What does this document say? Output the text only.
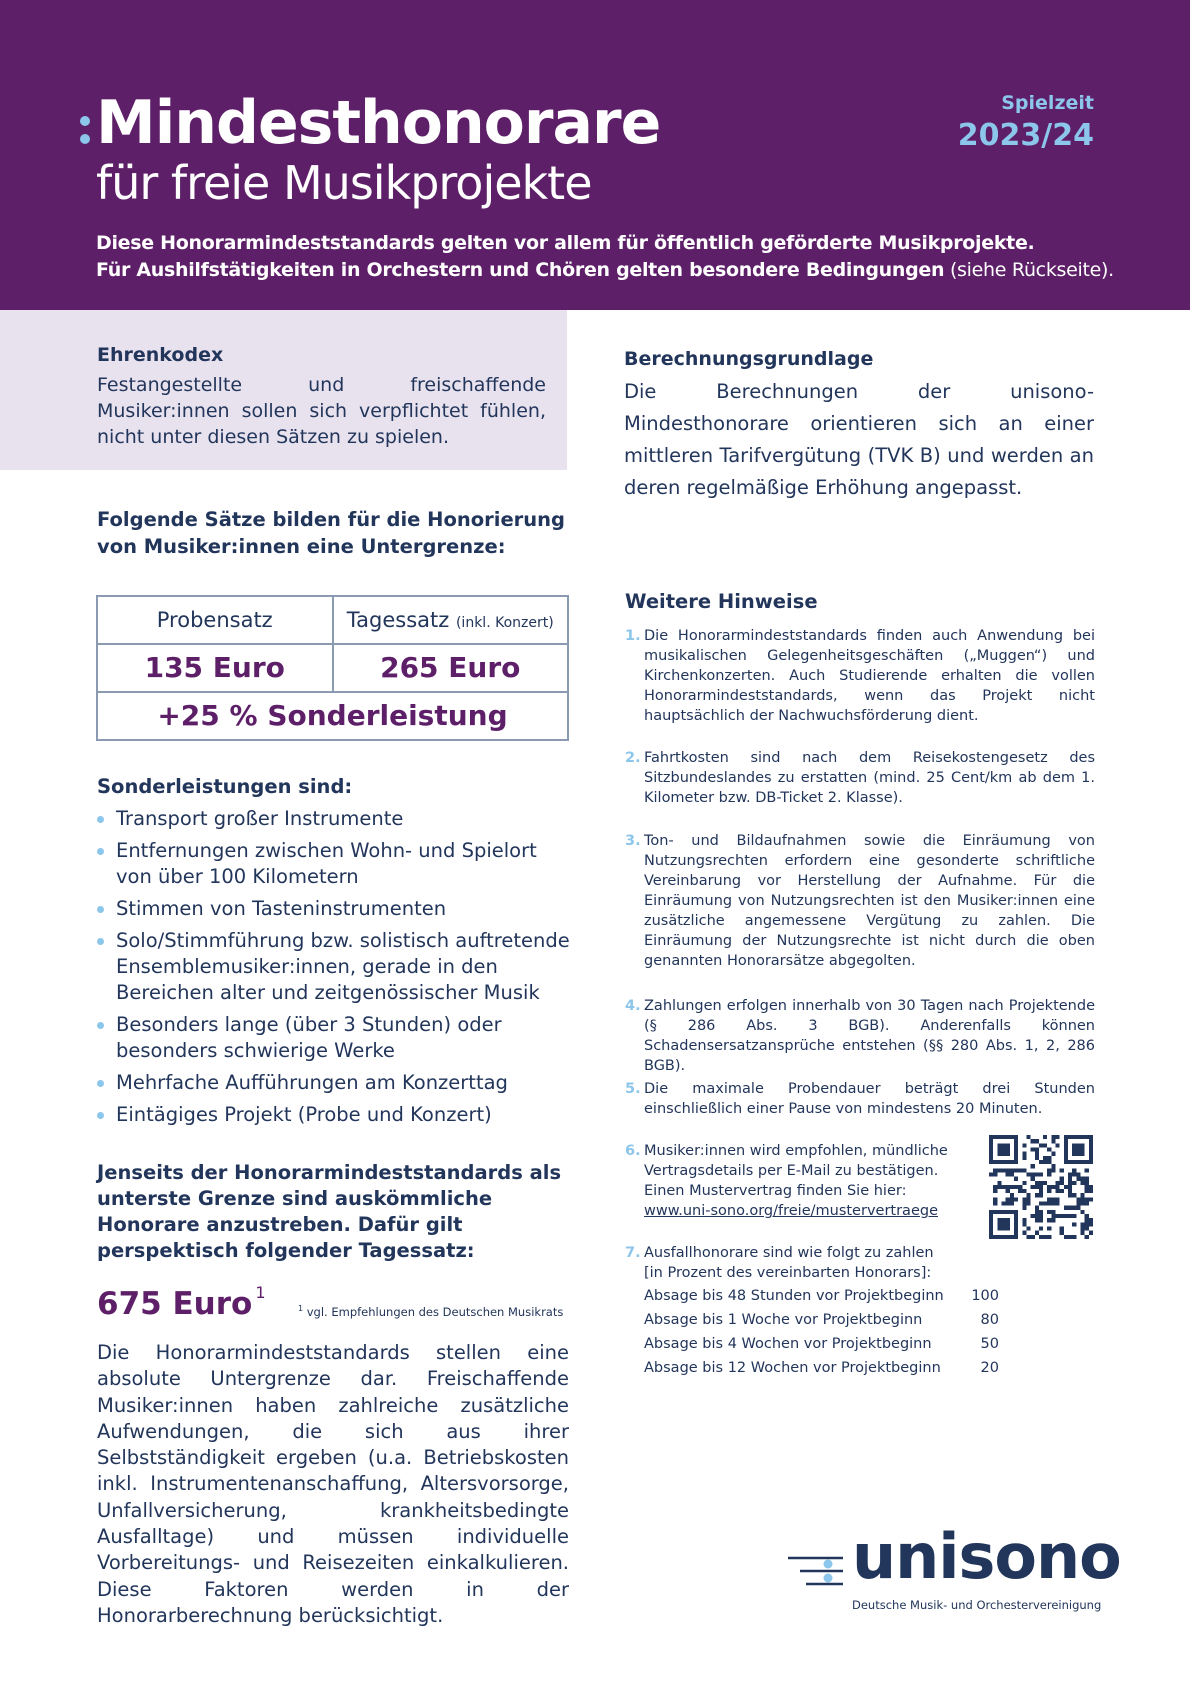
Mindesthonorare
für freie Musikprojekte
Spielzeit
2023/24
Diese Honorarmindeststandards gelten vor allem für öffentlich geförderte Musikprojekte.
Für Aushilfstätigkeiten in Orchestern und Chören gelten besondere Bedingungen (siehe Rückseite).
Ehrenkodex
Festangestellte und freischaffende Musiker:innen sollen sich verpflichtet fühlen, nicht unter diesen Sätzen zu spielen.
Folgende Sätze bilden für die Honorierung von Musiker:innen eine Untergrenze:
Probensatz	Tagessatz (inkl. Konzert)
135 Euro	265 Euro
+25 % Sonderleistung
Sonderleistungen sind:
Transport großer Instrumente
Entfernungen zwischen Wohn- und Spielort von über 100 Kilometern
Stimmen von Tasteninstrumenten
Solo/Stimmführung bzw. solistisch auftretende Ensemblemusiker:innen, gerade in den Bereichen alter und zeitgenössischer Musik
Besonders lange (über 3 Stunden) oder besonders schwierige Werke
Mehrfache Aufführungen am Konzerttag
Eintägiges Projekt (Probe und Konzert)
Jenseits der Honorarmindeststandards als unterste Grenze sind auskömmliche Honorare anzustreben. Dafür gilt perspektisch folgender Tagessatz:
675 Euro $^1$
$^1$ vgl. Empfehlungen des Deutschen Musikrats
Die Honorarmindeststandards stellen eine absolute Untergrenze dar. Freischaffende Musiker:innen haben zahlreiche zusätzliche Aufwendungen, die sich aus ihrer Selbstständigkeit ergeben (u.a. Betriebskosten inkl. Instrumentenanschaffung, Altersvorsorge, Unfallversicherung, krankheitsbedingte Ausfalltage) und müssen individuelle Vorbereitungs- und Reisezeiten einkalkulieren. Diese Faktoren werden in der Honorarberechnung berücksichtigt.
Berechnungsgrundlage
Die Berechnungen der unisono-Mindesthonorare orientieren sich an einer mittleren Tarifvergütung (TVK B) und werden an deren regelmäßige Erhöhung angepasst.
Weitere Hinweise
1. Die Honorarmindeststandards finden auch Anwendung bei musikalischen Gelegenheitsgeschäften („Muggen“) und Kirchenkonzerten. Auch Studierende erhalten die vollen Honorarmindeststandards, wenn das Projekt nicht hauptsächlich der Nachwuchsförderung dient.
2. Fahrtkosten sind nach dem Reisekostengesetz des Sitzbundeslandes zu erstatten (mind. 25 Cent/km ab dem 1. Kilometer bzw. DB-Ticket 2. Klasse).
3. Ton- und Bildaufnahmen sowie die Einräumung von Nutzungsrechten erfordern eine gesonderte schriftliche Vereinbarung vor Herstellung der Aufnahme. Für die Einräumung von Nutzungsrechten ist den Musiker:innen eine zusätzliche angemessene Vergütung zu zahlen. Die Einräumung der Nutzungsrechte ist nicht durch die oben genannten Honorarsätze abgegolten.
4. Zahlungen erfolgen innerhalb von 30 Tagen nach Projektende (§ 286 Abs. 3 BGB). Anderenfalls können Schadensersatzansprüche entstehen (§§ 280 Abs. 1, 2, 286 BGB).
5. Die maximale Probendauer beträgt drei Stunden einschließlich einer Pause von mindestens 20 Minuten.
6. Musiker:innen wird empfohlen, mündliche
Vertragsdetails per E-Mail zu bestätigen.
Einen Mustervertrag finden Sie hier:
www.uni-sono.org/freie/mustervertraege
7. Ausfallhonorare sind wie folgt zu zahlen
[in Prozent des vereinbarten Honorars]:
Absage bis 48 Stunden vor Projektbeginn	100
Absage bis 1 Woche vor Projektbeginn	80
Absage bis 4 Wochen vor Projektbeginn	50
Absage bis 12 Wochen vor Projektbeginn	20
unisono
Deutsche Musik- und Orchestervereinigung
